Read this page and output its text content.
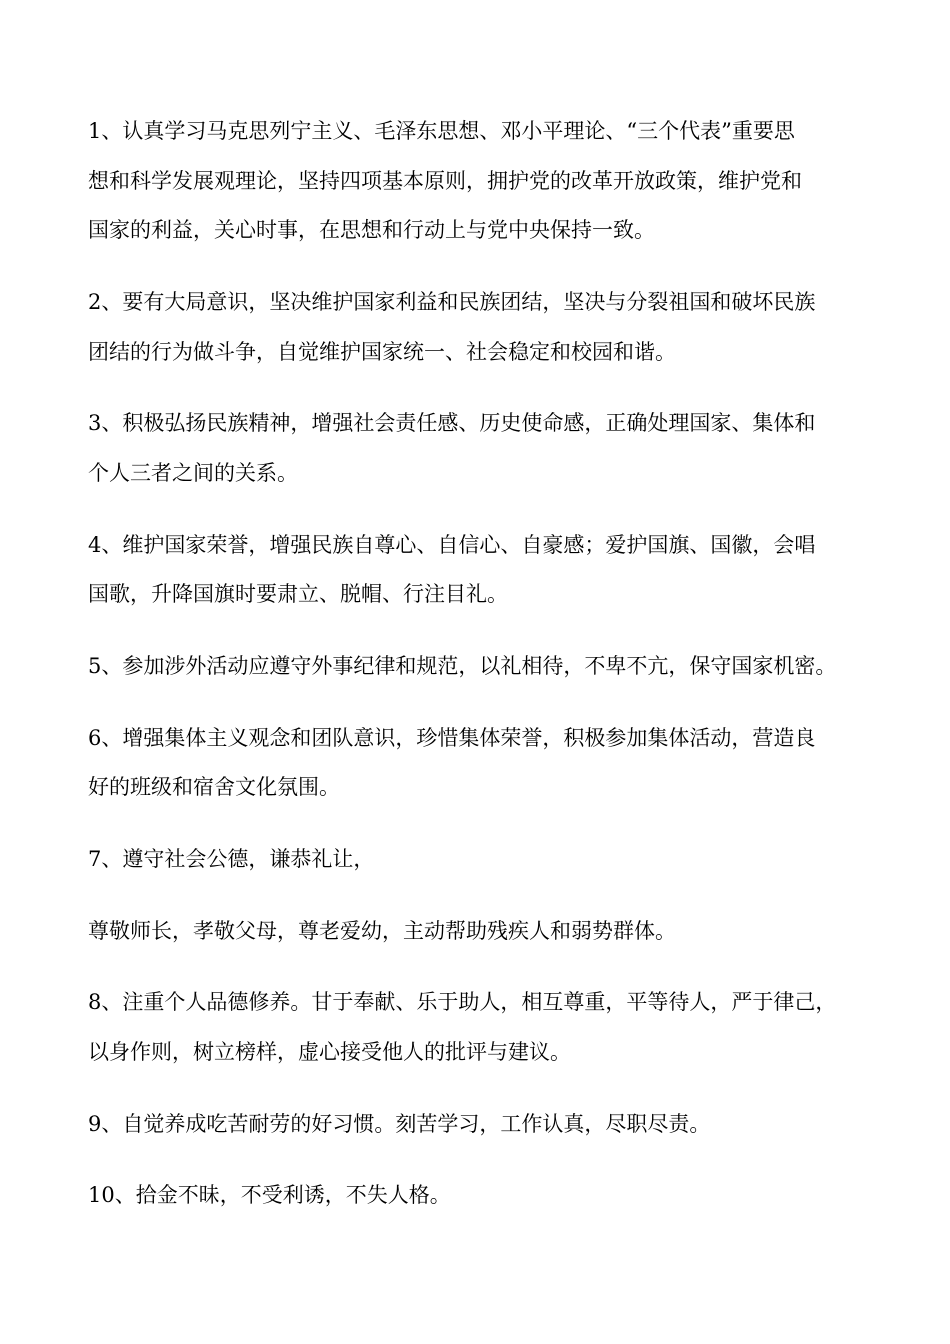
1、认真学习马克思列宁主义、毛泽东思想、邓小平理论、“三个代表”重要思
想和科学发展观理论，坚持四项基本原则，拥护党的改革开放政策，维护党和
国家的利益，关心时事，在思想和行动上与党中央保持一致。
2、要有大局意识，坚决维护国家利益和民族团结，坚决与分裂祖国和破坏民族
团结的行为做斗争，自觉维护国家统一、社会稳定和校园和谐。
3、积极弘扬民族精神，增强社会责任感、历史使命感，正确处理国家、集体和
个人三者之间的关系。
4、维护国家荣誉，增强民族自尊心、自信心、自豪感；爱护国旗、国徽，会唱
国歌，升降国旗时要肃立、脱帽、行注目礼。
5、参加涉外活动应遵守外事纪律和规范，以礼相待，不卑不亢，保守国家机密。
6、增强集体主义观念和团队意识，珍惜集体荣誉，积极参加集体活动，营造良
好的班级和宿舍文化氛围。
7、遵守社会公德，谦恭礼让，
尊敬师长，孝敬父母，尊老爱幼，主动帮助残疾人和弱势群体。
8、注重个人品德修养。甘于奉献、乐于助人，相互尊重，平等待人，严于律己，
以身作则，树立榜样，虚心接受他人的批评与建议。
9、自觉养成吃苦耐劳的好习惯。刻苦学习，工作认真，尽职尽责。
10、拾金不昧，不受利诱，不失人格。
